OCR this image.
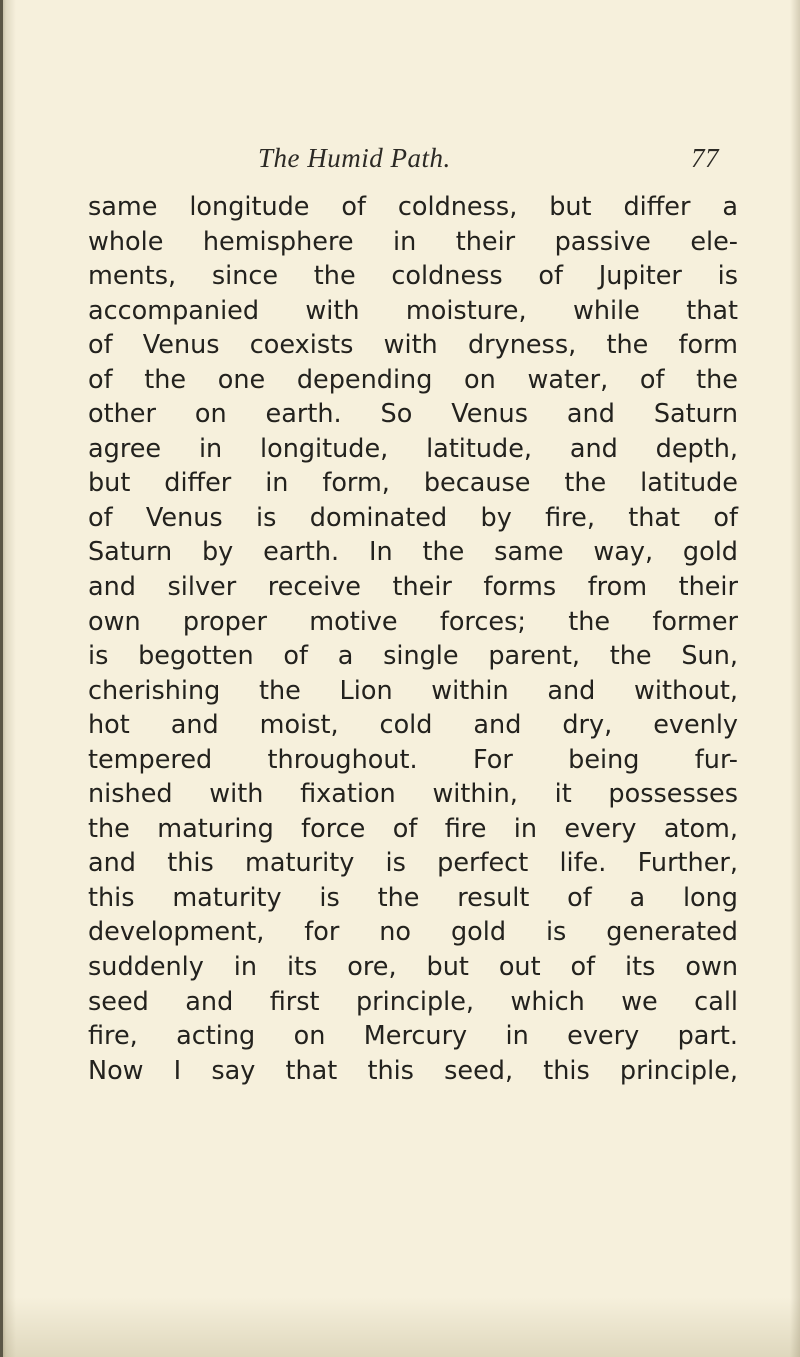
The Humid Path.	77
same longitude of coldness, but differ a
whole hemisphere in their passive ele-
ments, since the coldness of Jupiter is
accompanied with moisture, while that
of Venus coexists with dryness, the form
of the one depending on water, of the
other on earth. So Venus and Saturn
agree in longitude, latitude, and depth,
but differ in form, because the latitude
of Venus is dominated by fire, that of
Saturn by earth. In the same way, gold
and silver receive their forms from their
own proper motive forces; the former
is begotten of a single parent, the Sun,
cherishing the Lion within and without,
hot and moist, cold and dry, evenly
tempered throughout. For being fur-
nished with fixation within, it possesses
the maturing force of fire in every atom,
and this maturity is perfect life. Further,
this maturity is the result of a long
development, for no gold is generated
suddenly in its ore, but out of its own
seed and first principle, which we call
fire, acting on Mercury in every part.
Now I say that this seed, this principle,
